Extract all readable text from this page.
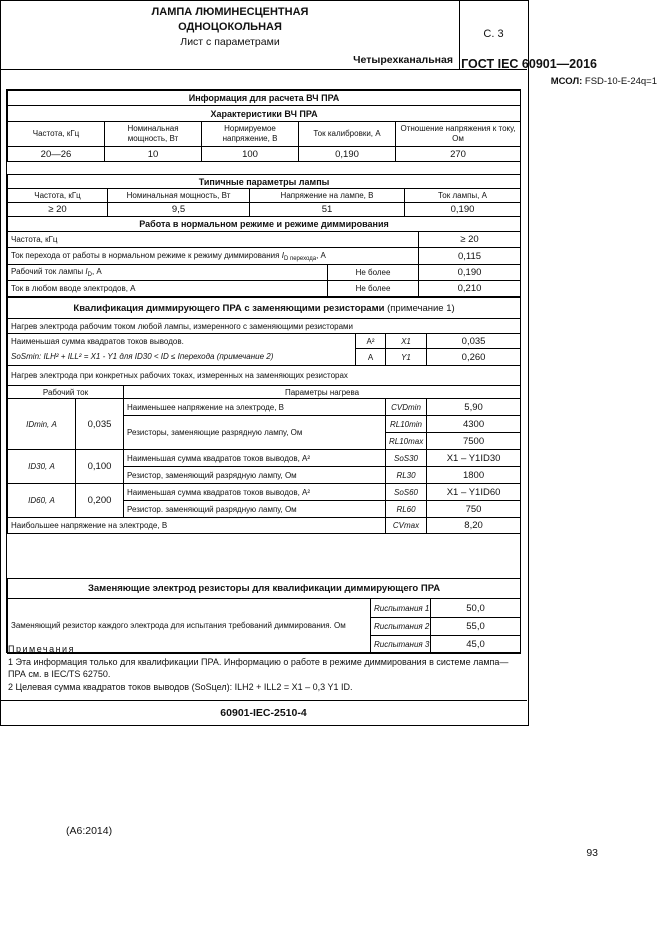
ГОСТ IEC 60901—2016
ЛАМПА ЛЮМИНЕСЦЕНТНАЯ
ОДНОЦОКОЛЬНАЯ
Лист с параметрами
Четырехканальная
С. 3
МСОЛ: FSD-10-E-24q=1
Информация для расчета ВЧ ПРА				
Характеристики ВЧ ПРА				
Частота, кГц	Номинальная мощность, Вт	Нормируемое напряжение, В	Ток калибровки, А	Отношение напряжения к току, Ом
20—26	10	100	0,190	270
Типичные параметры лампы			
Частота, кГц	Номинальная мощность, Вт	Напряжение на лампе, В	Ток лампы, А
≥ 20	9,5	51	0,190
Работа в нормальном режиме и режиме диммирования		
Частота, кГц		≥ 20
Ток перехода от работы в нормальном режиме к режиму диммирования $I_{D перехода}$, А		0,115
Рабочий ток лампы $I_D$, А	Не более	0,190
Ток в любом вводе электродов, А	Не более	0,210
Квалификация диммирующего ПРА с заменяющими резисторами (примечание 1)					
Нагрев электрода рабочим током любой лампы, измеренного с заменяющими резисторами					
Наименьшая сумма квадратов токов выводов.			А²	X1	0,035
SoSmin: ILH² + ILL² = X1 - Y1 для ID30 < ID ≤ Iперехода (примечание 2)			А	Y1	0,260
Нагрев электрода при конкретных рабочих токах, измеренных на заменяющих резисторах					
Рабочий ток		Параметры нагрева			
IDmin, А	0,035	Наименьшее напряжение на электроде, В		CVDmin	5,90
		Резисторы, заменяющие разрядную лампу, Ом		RL10min	4300
				RL10max	7500
ID30, А	0,100	Наименьшая сумма квадратов токов выводов, А²		SoS30	X1 – Y1ID30
		Резистор, заменяющий разрядную лампу, Ом		RL30	1800
ID60, А	0,200	Наименьшая сумма квадратов токов выводов, А²		SoS60	X1 – Y1ID60
		Резистор. заменяющий разрядную лампу, Ом		RL60	750
Наибольшее напряжение на электроде, В				CVmax	8,20
Заменяющие электрод резисторы для квалификации диммирующего ПРА		
Заменяющий резистор каждого электрода для испытания требований диммирования. Ом	Rиспытания 1	50,0
	Rиспытания 2	55,0
	Rиспытания 3	45,0
Примечания
1 Эта информация только для квалификации ПРА. Информацию о работе в режиме диммирования в системе лампа—ПРА см. в IEC/TS 62750.
2 Целевая сумма квадратов токов выводов (SoSцел): ILH2 + ILL2 = X1 – 0,3 Y1 ID.
60901-IEC-2510-4
(А6:2014)
93
